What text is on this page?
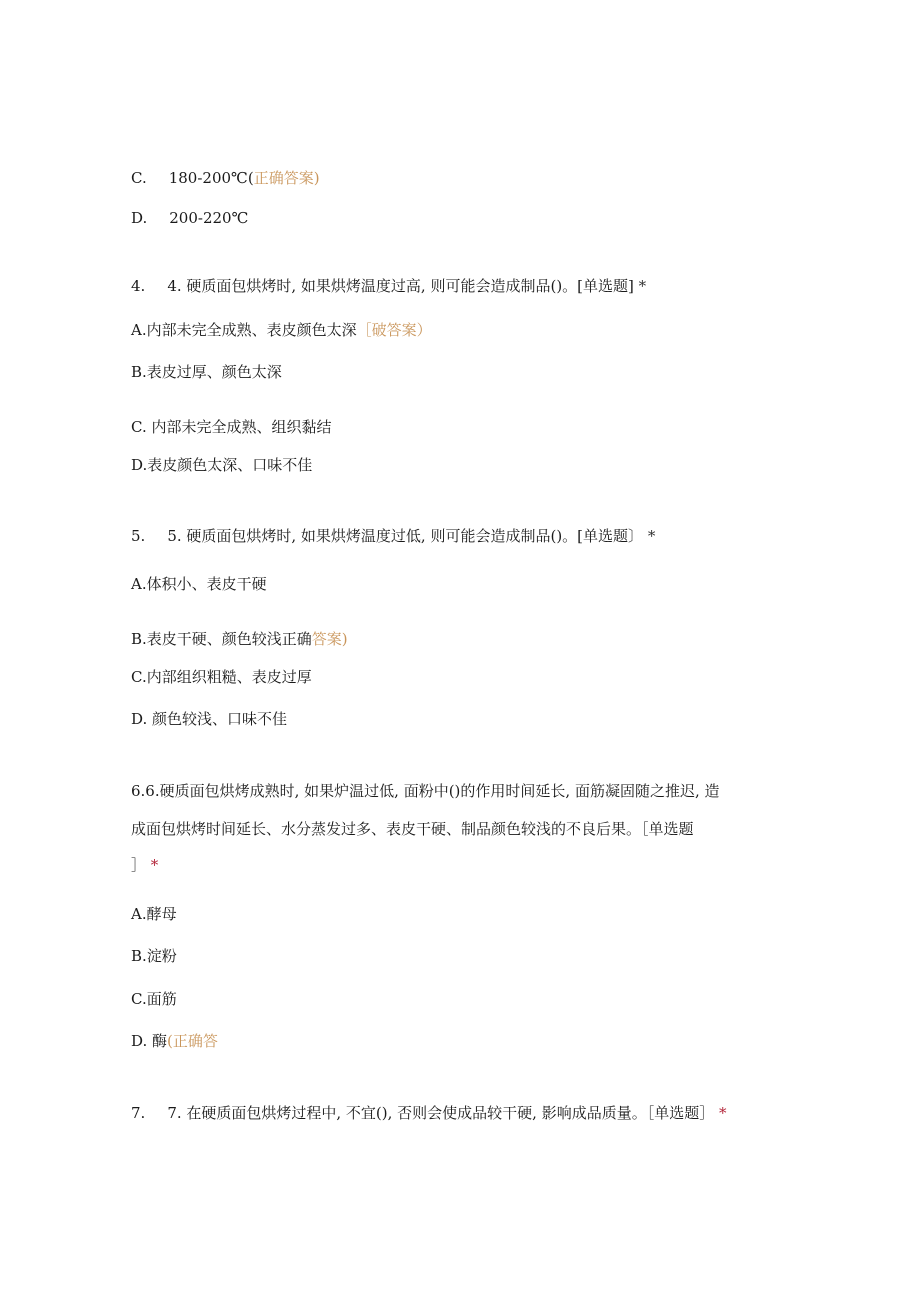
C. 180-200℃(正确答案)
D. 200-220℃
4. 4. 硬质面包烘烤时, 如果烘烤温度过高, 则可能会造成制品()。[单选题] *
A.内部未完全成熟、表皮颜色太深［破答案）
B.表皮过厚、颜色太深
C. 内部未完全成熟、组织黏结
D.表皮颜色太深、口味不佳
5. 5. 硬质面包烘烤时, 如果烘烤温度过低, 则可能会造成制品()。[单选题〕 *
A.体积小、表皮干硬
B.表皮干硬、颜色较浅正确答案)
C.内部组织粗糙、表皮过厚
D. 颜色较浅、口味不佳
6.6.硬质面包烘烤成熟时, 如果炉温过低, 面粉中()的作用时间延长, 面筋凝固随之推迟, 造
成面包烘烤时间延长、水分蒸发过多、表皮干硬、制品颜色较浅的不良后果。［单选题
］ *
A.酵母
B.淀粉
C.面筋
D. 酶(正确答
7. 7. 在硬质面包烘烤过程中, 不宜(), 否则会使成品较干硬, 影响成品质量。［单选题］ *
